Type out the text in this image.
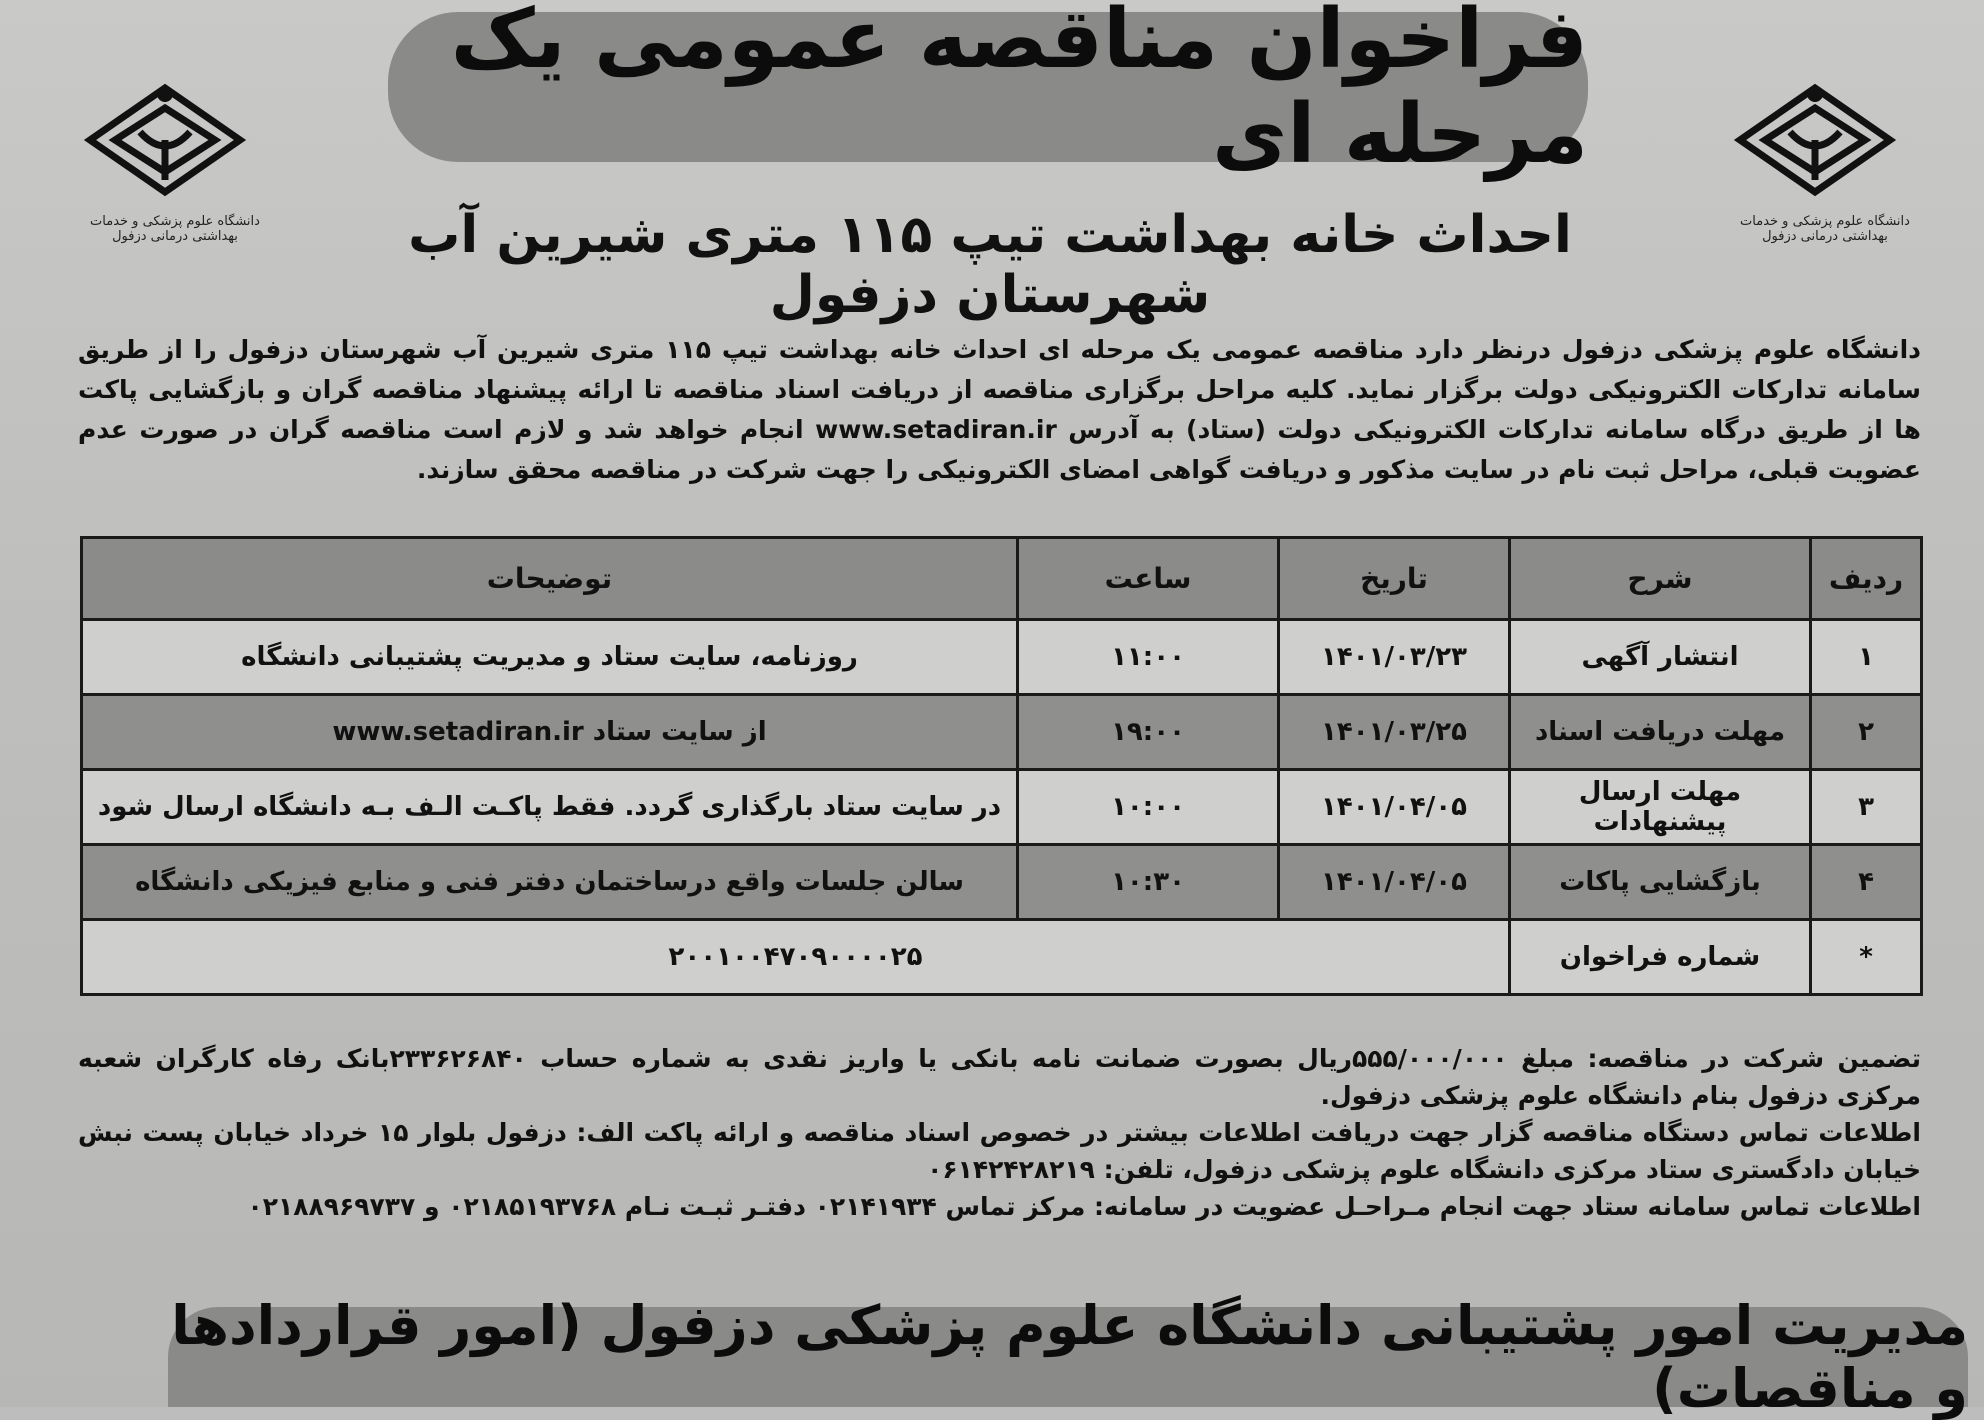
دانشگاه علوم پزشکی و خدمات بهداشتی درمانی دزفول
دانشگاه علوم پزشکی و خدمات بهداشتی درمانی دزفول
فراخوان مناقصه عمومی یک مرحله ای
احداث خانه بهداشت تیپ ۱۱۵ متری شیرین آب شهرستان دزفول
دانشگاه علوم پزشکی دزفول درنظر دارد مناقصه عمومی یک مرحله ای احداث خانه بهداشت تیپ ۱۱۵ متری شیرین آب شهرستان دزفول را از طریق سامانه تدارکات الکترونیکی دولت برگزار نماید. کلیه مراحل برگزاری مناقصه از دریافت اسناد مناقصه تا ارائه پیشنهاد مناقصه گران و بازگشایی پاکت ها از طریق درگاه سامانه تدارکات الکترونیکی دولت (ستاد) به آدرس www.setadiran.ir انجام خواهد شد و لازم است مناقصه گران در صورت عدم عضویت قبلی، مراحل ثبت نام در سایت مذکور و دریافت گواهی امضای الکترونیکی را جهت شرکت در مناقصه محقق سازند.
ردیف	شرح	تاریخ	ساعت	توضیحات
۱	انتشار آگهی	۱۴۰۱/۰۳/۲۳	۱۱:۰۰	روزنامه، سایت ستاد و مدیریت پشتیبانی دانشگاه
۲	مهلت دریافت اسناد	۱۴۰۱/۰۳/۲۵	۱۹:۰۰	از سایت ستاد www.setadiran.ir
۳	مهلت ارسال پیشنهادات	۱۴۰۱/۰۴/۰۵	۱۰:۰۰	در سایت ستاد بارگذاری گردد. فقط پاکـت الـف بـه دانشگاه ارسال شود
۴	بازگشایی پاکات	۱۴۰۱/۰۴/۰۵	۱۰:۳۰	سالن جلسات واقع درساختمان دفتر فنی و منابع فیزیکی دانشگاه
*	شماره فراخوان	۲۰۰۱۰۰۴۷۰۹۰۰۰۰۲۵		

تضمین شرکت در مناقصه: مبلغ ۵۵۵/۰۰۰/۰۰۰ریال بصورت ضمانت نامه بانکی یا واریز نقدی به شماره حساب ۲۳۳۶۲۶۸۴۰بانک رفاه کارگران شعبه مرکزی دزفول بنام دانشگاه علوم پزشکی دزفول.

اطلاعات تماس دستگاه مناقصه گزار جهت دریافت اطلاعات بیشتر در خصوص اسناد مناقصه و ارائه پاکت الف: دزفول بلوار ۱۵ خرداد خیابان پست نبش خیابان دادگستری ستاد مرکزی دانشگاه علوم پزشکی دزفول، تلفن: ۰۶۱۴۲۴۲۸۲۱۹

اطلاعات تماس سامانه ستاد جهت انجام مـراحـل عضویت در سامانه: مرکز تماس ۰۲۱۴۱۹۳۴ دفتـر ثبـت نـام ۰۲۱۸۵۱۹۳۷۶۸ و ۰۲۱۸۸۹۶۹۷۳۷

مدیریت امور پشتیبانی دانشگاه علوم پزشکی دزفول (امور قراردادها و مناقصات)
